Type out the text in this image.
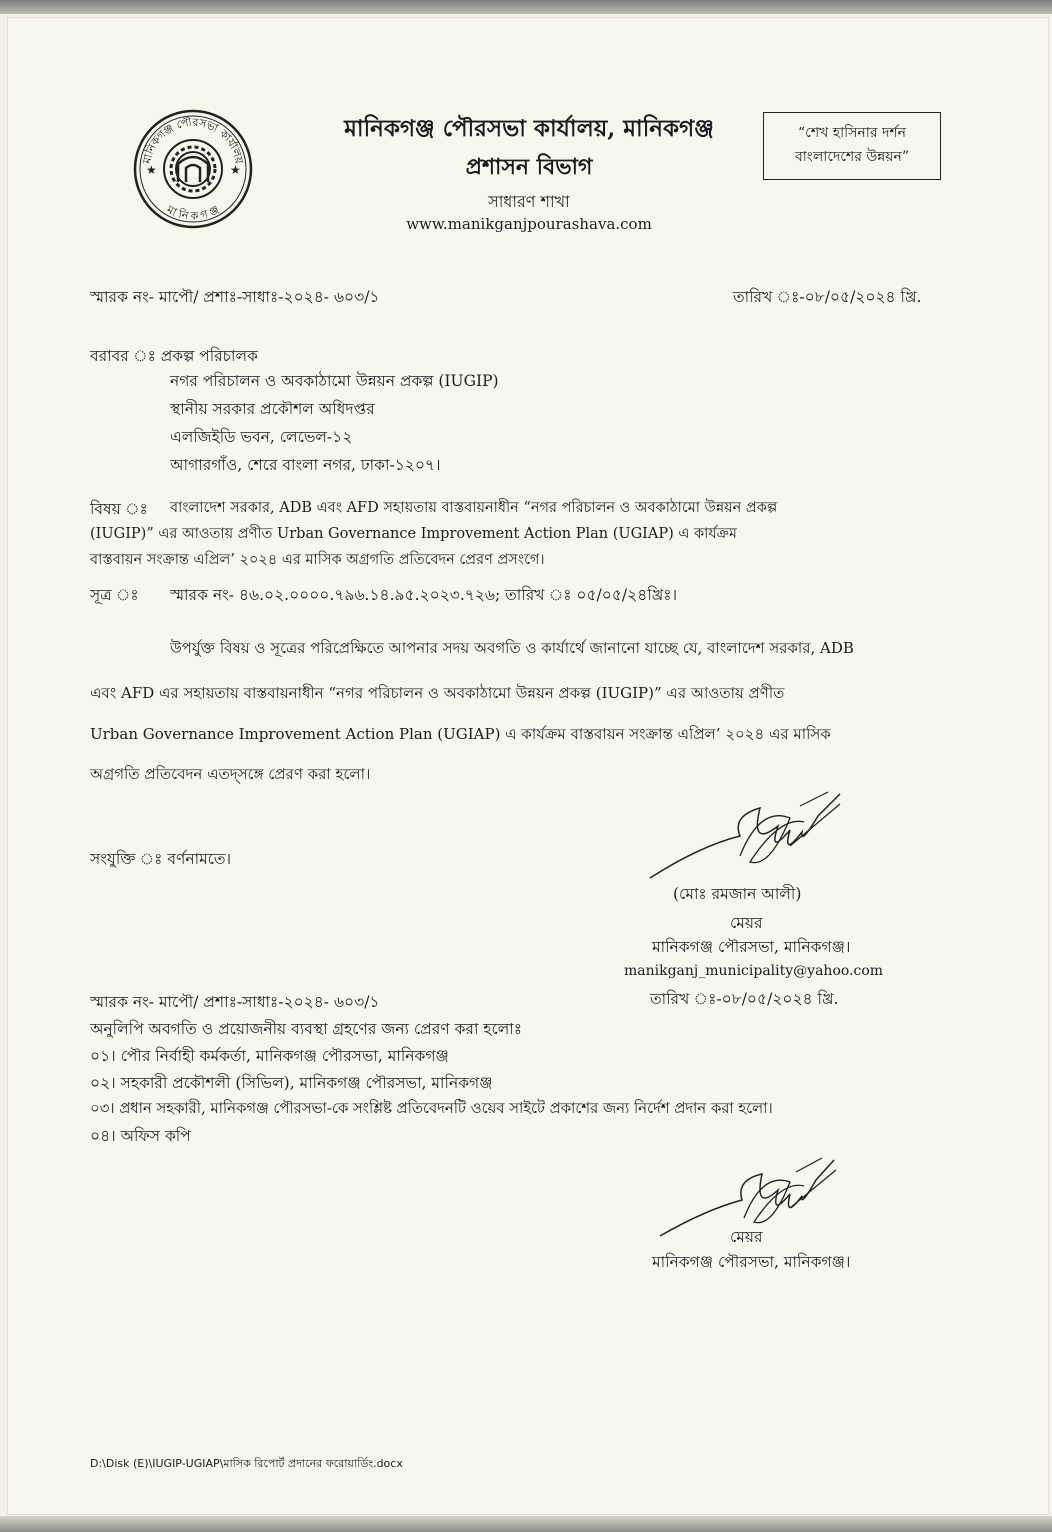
মানিকগঞ্জ পৌরসভা কার্যালয়
মানিকগঞ্জ
★	★
মানিকগঞ্জ পৌরসভা কার্যালয়, মানিকগঞ্জ
প্রশাসন বিভাগ
সাধারণ শাখা
www.manikganjpourashava.com
“শেখ হাসিনার দর্শন
বাংলাদেশের উন্নয়ন”
স্মারক নং- মাপৌ/ প্রশাঃ-সাধাঃ-২০২৪- ৬০৩/১	তারিখ ঃ-০৮/০৫/২০২৪ খ্রি.
বরাবর ঃ প্রকল্প পরিচালক
নগর পরিচালন ও অবকাঠামো উন্নয়ন প্রকল্প (IUGIP)
স্থানীয় সরকার প্রকৌশল অধিদপ্তর
এলজিইডি ভবন, লেভেল-১২
আগারগাঁও, শেরে বাংলা নগর, ঢাকা-১২০৭।
বিষয় ঃ বাংলাদেশ সরকার, ADB এবং AFD সহায়তায় বাস্তবায়নাধীন “নগর পরিচালন ও অবকাঠামো উন্নয়ন প্রকল্প
(IUGIP)” এর আওতায় প্রণীত Urban Governance Improvement Action Plan (UGIAP) এ কার্যক্রম
বাস্তবায়ন সংক্রান্ত এপ্রিল’ ২০২৪ এর মাসিক অগ্রগতি প্রতিবেদন প্রেরণ প্রসংগে।
সূত্র ঃ স্মারক নং- ৪৬.০২.০০০০.৭৯৬.১৪.৯৫.২০২৩.৭২৬; তারিখ ঃ ০৫/০৫/২৪খ্রিঃ।
উপর্যুক্ত বিষয় ও সূত্রের পরিপ্রেক্ষিতে আপনার সদয় অবগতি ও কার্যার্থে জানানো যাচ্ছে যে, বাংলাদেশ সরকার, ADB
এবং AFD এর সহায়তায় বাস্তবায়নাধীন “নগর পরিচালন ও অবকাঠামো উন্নয়ন প্রকল্প (IUGIP)” এর আওতায় প্রণীত
Urban Governance Improvement Action Plan (UGIAP) এ কার্যক্রম বাস্তবায়ন সংক্রান্ত এপ্রিল’ ২০২৪ এর মাসিক
অগ্রগতি প্রতিবেদন এতদ্‌সঙ্গে প্রেরণ করা হলো।
সংযুক্তি ঃ বর্ণনামতে।
(মোঃ রমজান আলী)
মেয়র
মানিকগঞ্জ পৌরসভা, মানিকগঞ্জ।
manikganj_municipality@yahoo.com
তারিখ ঃ-০৮/০৫/২০২৪ খ্রি.
স্মারক নং- মাপৌ/ প্রশাঃ-সাধাঃ-২০২৪- ৬০৩/১
অনুলিপি অবগতি ও প্রয়োজনীয় ব্যবস্থা গ্রহণের জন্য প্রেরণ করা হলোঃ
০১। পৌর নির্বাহী কর্মকর্তা, মানিকগঞ্জ পৌরসভা, মানিকগঞ্জ
০২। সহকারী প্রকৌশলী (সিভিল), মানিকগঞ্জ পৌরসভা, মানিকগঞ্জ
০৩। প্রধান সহকারী, মানিকগঞ্জ পৌরসভা-কে সংশ্লিষ্ট প্রতিবেদনটি ওয়েব সাইটে প্রকাশের জন্য নির্দেশ প্রদান করা হলো।
০৪। অফিস কপি
মেয়র
মানিকগঞ্জ পৌরসভা, মানিকগঞ্জ।
D:\Disk (E)\IUGIP-UGIAP\মাসিক রিপোর্ট প্রদানের ফরোয়ার্ডিং.docx
